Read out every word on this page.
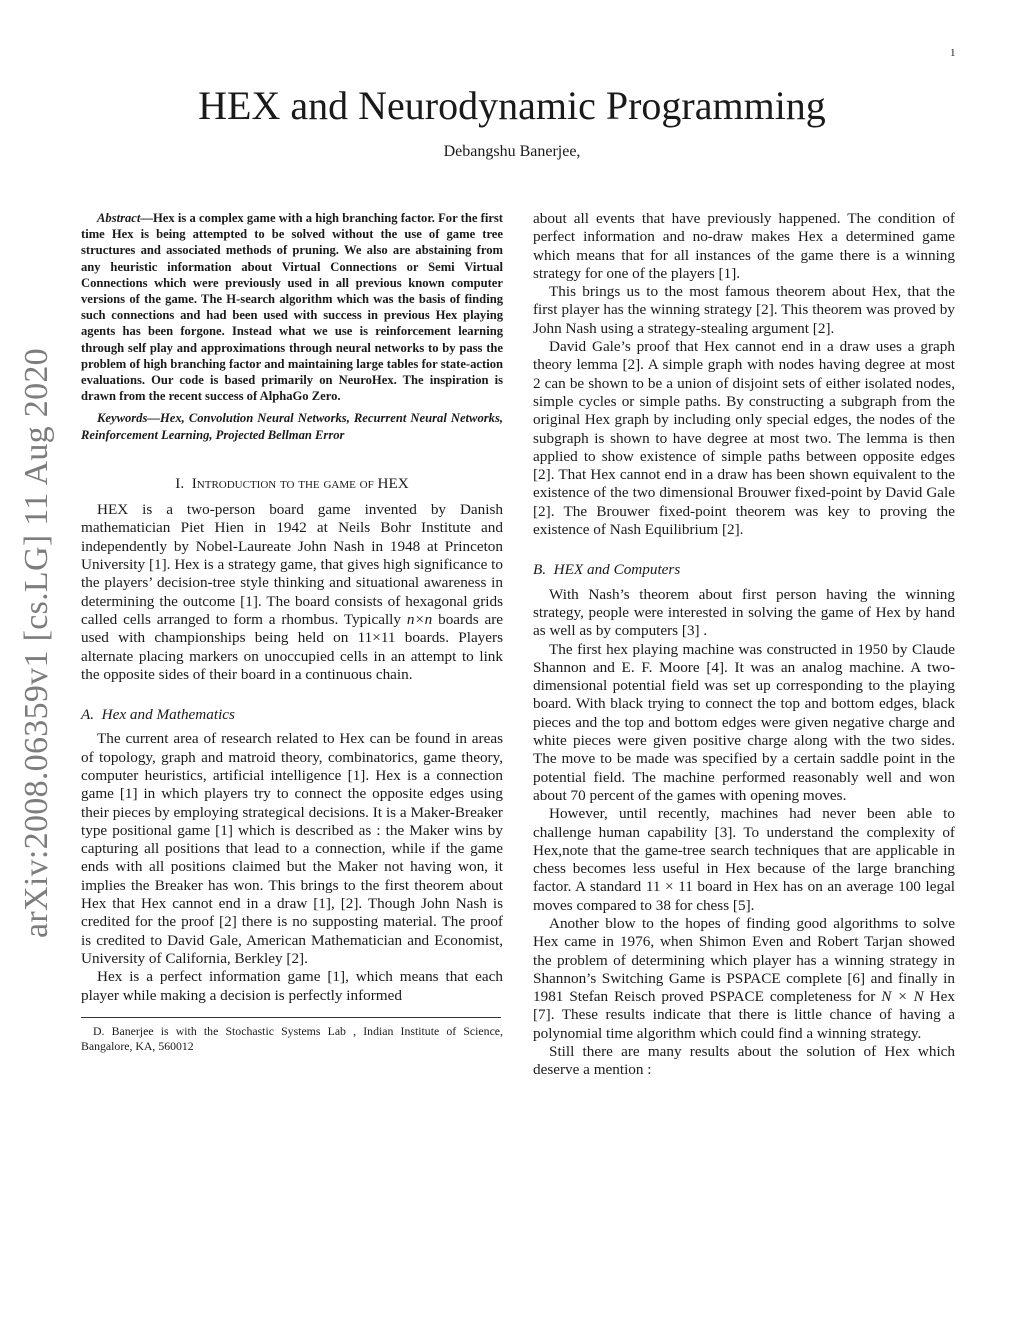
1
arXiv:2008.06359v1 [cs.LG] 11 Aug 2020
HEX and Neurodynamic Programming
Debangshu Banerjee,

Abstract—Hex is a complex game with a high branching factor. For the first time Hex is being attempted to be solved without the use of game tree structures and associated methods of pruning. We also are abstaining from any heuristic information about Virtual Connections or Semi Virtual Connections which were previously used in all previous known computer versions of the game. The H-search algorithm which was the basis of finding such connections and had been used with success in previous Hex playing agents has been forgone. Instead what we use is reinforcement learning through self play and approximations through neural networks to by pass the problem of high branching factor and maintaining large tables for state-action evaluations. Our code is based primarily on NeuroHex. The inspiration is drawn from the recent success of AlphaGo Zero.

Keywords—Hex, Convolution Neural Networks, Recurrent Neural Networks, Reinforcement Learning, Projected Bellman Error

I. Introduction to the game of HEX

HEX is a two-person board game invented by Danish mathematician Piet Hien in 1942 at Neils Bohr Institute and independently by Nobel-Laureate John Nash in 1948 at Princeton University [1]. Hex is a strategy game, that gives high significance to the players’ decision-tree style thinking and situational awareness in determining the outcome [1]. The board consists of hexagonal grids called cells arranged to form a rhombus. Typically n×n boards are used with championships being held on 11×11 boards. Players alternate placing markers on unoccupied cells in an attempt to link the opposite sides of their board in a continuous chain.

A. Hex and Mathematics

The current area of research related to Hex can be found in areas of topology, graph and matroid theory, combinatorics, game theory, computer heuristics, artificial intelligence [1]. Hex is a connection game [1] in which players try to connect the opposite edges using their pieces by employing strategical decisions. It is a Maker-Breaker type positional game [1] which is described as : the Maker wins by capturing all positions that lead to a connection, while if the game ends with all positions claimed but the Maker not having won, it implies the Breaker has won. This brings to the first theorem about Hex that Hex cannot end in a draw [1], [2]. Though John Nash is credited for the proof [2] there is no supposting material. The proof is credited to David Gale, American Mathematician and Economist, University of California, Berkley [2].

Hex is a perfect information game [1], which means that each player while making a decision is perfectly informed

D. Banerjee is with the Stochastic Systems Lab , Indian Institute of Science, Bangalore, KA, 560012

about all events that have previously happened. The condition of perfect information and no-draw makes Hex a determined game which means that for all instances of the game there is a winning strategy for one of the players [1].

This brings us to the most famous theorem about Hex, that the first player has the winning strategy [2]. This theorem was proved by John Nash using a strategy-stealing argument [2].

David Gale’s proof that Hex cannot end in a draw uses a graph theory lemma [2]. A simple graph with nodes having degree at most 2 can be shown to be a union of disjoint sets of either isolated nodes, simple cycles or simple paths. By constructing a subgraph from the original Hex graph by including only special edges, the nodes of the subgraph is shown to have degree at most two. The lemma is then applied to show existence of simple paths between opposite edges [2]. That Hex cannot end in a draw has been shown equivalent to the existence of the two dimensional Brouwer fixed-point by David Gale [2]. The Brouwer fixed-point theorem was key to proving the existence of Nash Equilibrium [2].

B. HEX and Computers

With Nash’s theorem about first person having the winning strategy, people were interested in solving the game of Hex by hand as well as by computers [3] .

The first hex playing machine was constructed in 1950 by Claude Shannon and E. F. Moore [4]. It was an analog machine. A two-dimensional potential field was set up corresponding to the playing board. With black trying to connect the top and bottom edges, black pieces and the top and bottom edges were given negative charge and white pieces were given positive charge along with the two sides. The move to be made was specified by a certain saddle point in the potential field. The machine performed reasonably well and won about 70 percent of the games with opening moves.

However, until recently, machines had never been able to challenge human capability [3]. To understand the complexity of Hex,note that the game-tree search techniques that are applicable in chess becomes less useful in Hex because of the large branching factor. A standard 11 × 11 board in Hex has on an average 100 legal moves compared to 38 for chess [5].

Another blow to the hopes of finding good algorithms to solve Hex came in 1976, when Shimon Even and Robert Tarjan showed the problem of determining which player has a winning strategy in Shannon’s Switching Game is PSPACE complete [6] and finally in 1981 Stefan Reisch proved PSPACE completeness for N × N Hex [7]. These results indicate that there is little chance of having a polynomial time algorithm which could find a winning strategy.

Still there are many results about the solution of Hex which deserve a mention :
